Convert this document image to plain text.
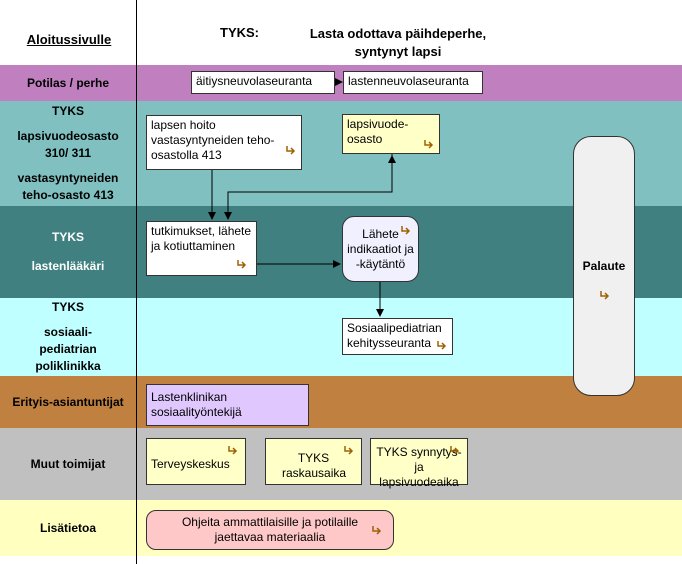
Aloitussivulle	TYKS:	Lasta odottava päihdeperhe,
syntynyt lapsi
Potilas / perhe
TYKS
lapsivuodeosasto 310/ 311
vastasyntyneiden teho-osasto 413
TYKS
lastenlääkäri
TYKS
sosiaali-pediatrian poliklinikka
Erityis-asiantuntijat
Muut toimijat
Lisätietoa
äitiysneuvolaseuranta	lastenneuvolaseuranta
lapsen hoito vastasyntyneiden teho-osastolla 413
lapsivuode-osasto
tutkimukset, lähete ja kotiuttaminen
Lähete indikaatiot ja -käytäntö	Palaute
Sosiaalipediatrian kehitysseuranta
Lastenklinikan sosiaalityöntekijä
Terveyskeskus	TYKS raskausaika
TYKS synnytys- ja lapsivuodeaika
Ohjeita ammattilaisille ja potilaille jaettavaa materiaalia
